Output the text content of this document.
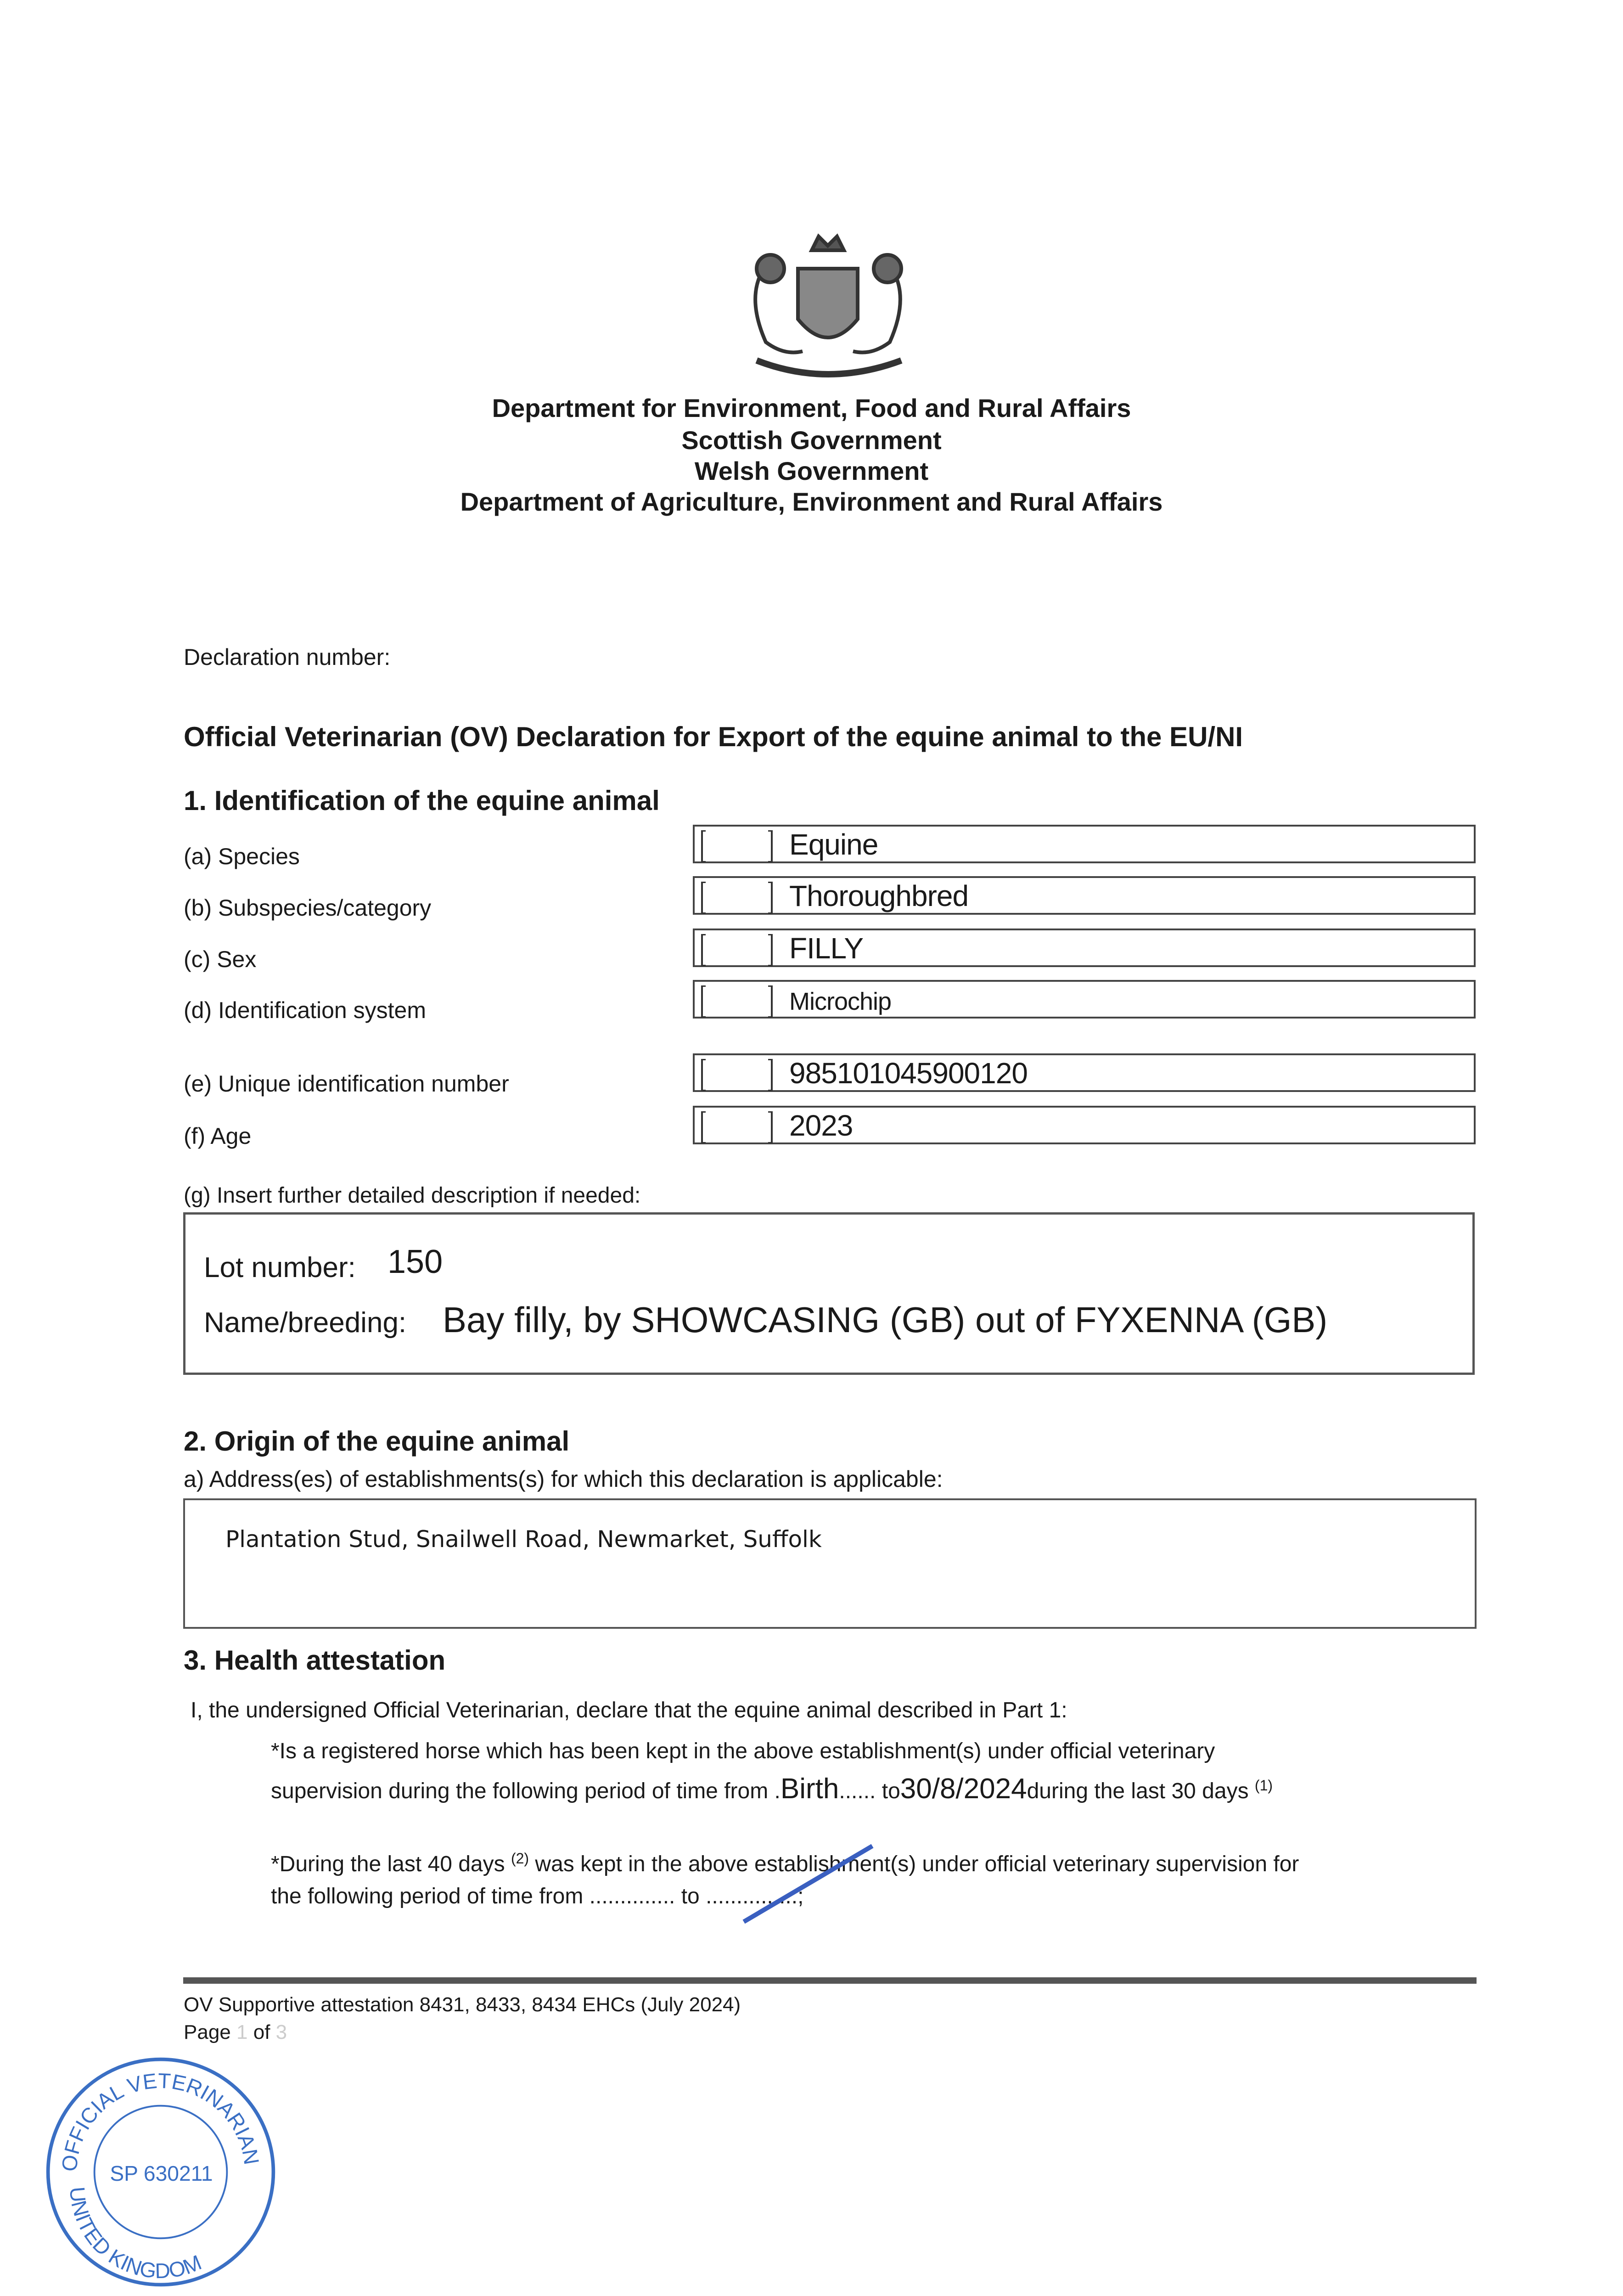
Department for Environment, Food and Rural Affairs
Scottish Government
Welsh Government
Department of Agriculture, Environment and Rural Affairs
Declaration number:
Official Veterinarian (OV) Declaration for Export of the equine animal to the EU/NI
1. Identification of the equine animal
(a) Species	Equine
(b) Subspecies/category	Thoroughbred
(c) Sex	FILLY
(d) Identification system	Microchip
(e) Unique identification number	985101045900120
(f) Age	2023
(g) Insert further detailed description if needed:
Lot number: 150
Name/breeding: Bay filly, by SHOWCASING (GB) out of FYXENNA (GB)
2. Origin of the equine animal
a) Address(es) of establishments(s) for which this declaration is applicable:
Plantation Stud, Snailwell Road, Newmarket, Suffolk
3. Health attestation
I, the undersigned Official Veterinarian, declare that the equine animal described in Part 1:
*Is a registered horse which has been kept in the above establishment(s) under official veterinary
supervision during the following period of time from .Birth...... to30/8/2024during the last 30 days $^{(1)}$
*During the last 40 days $^{(2)}$ was kept in the above establishment(s) under official veterinary supervision for
the following period of time from .............. to ...............;
OV Supportive attestation 8431, 8433, 8434 EHCs (July 2024)
Page 1 of 3
OFFICIAL VETERINARIAN
UNITED KINGDOM
SP 630211
